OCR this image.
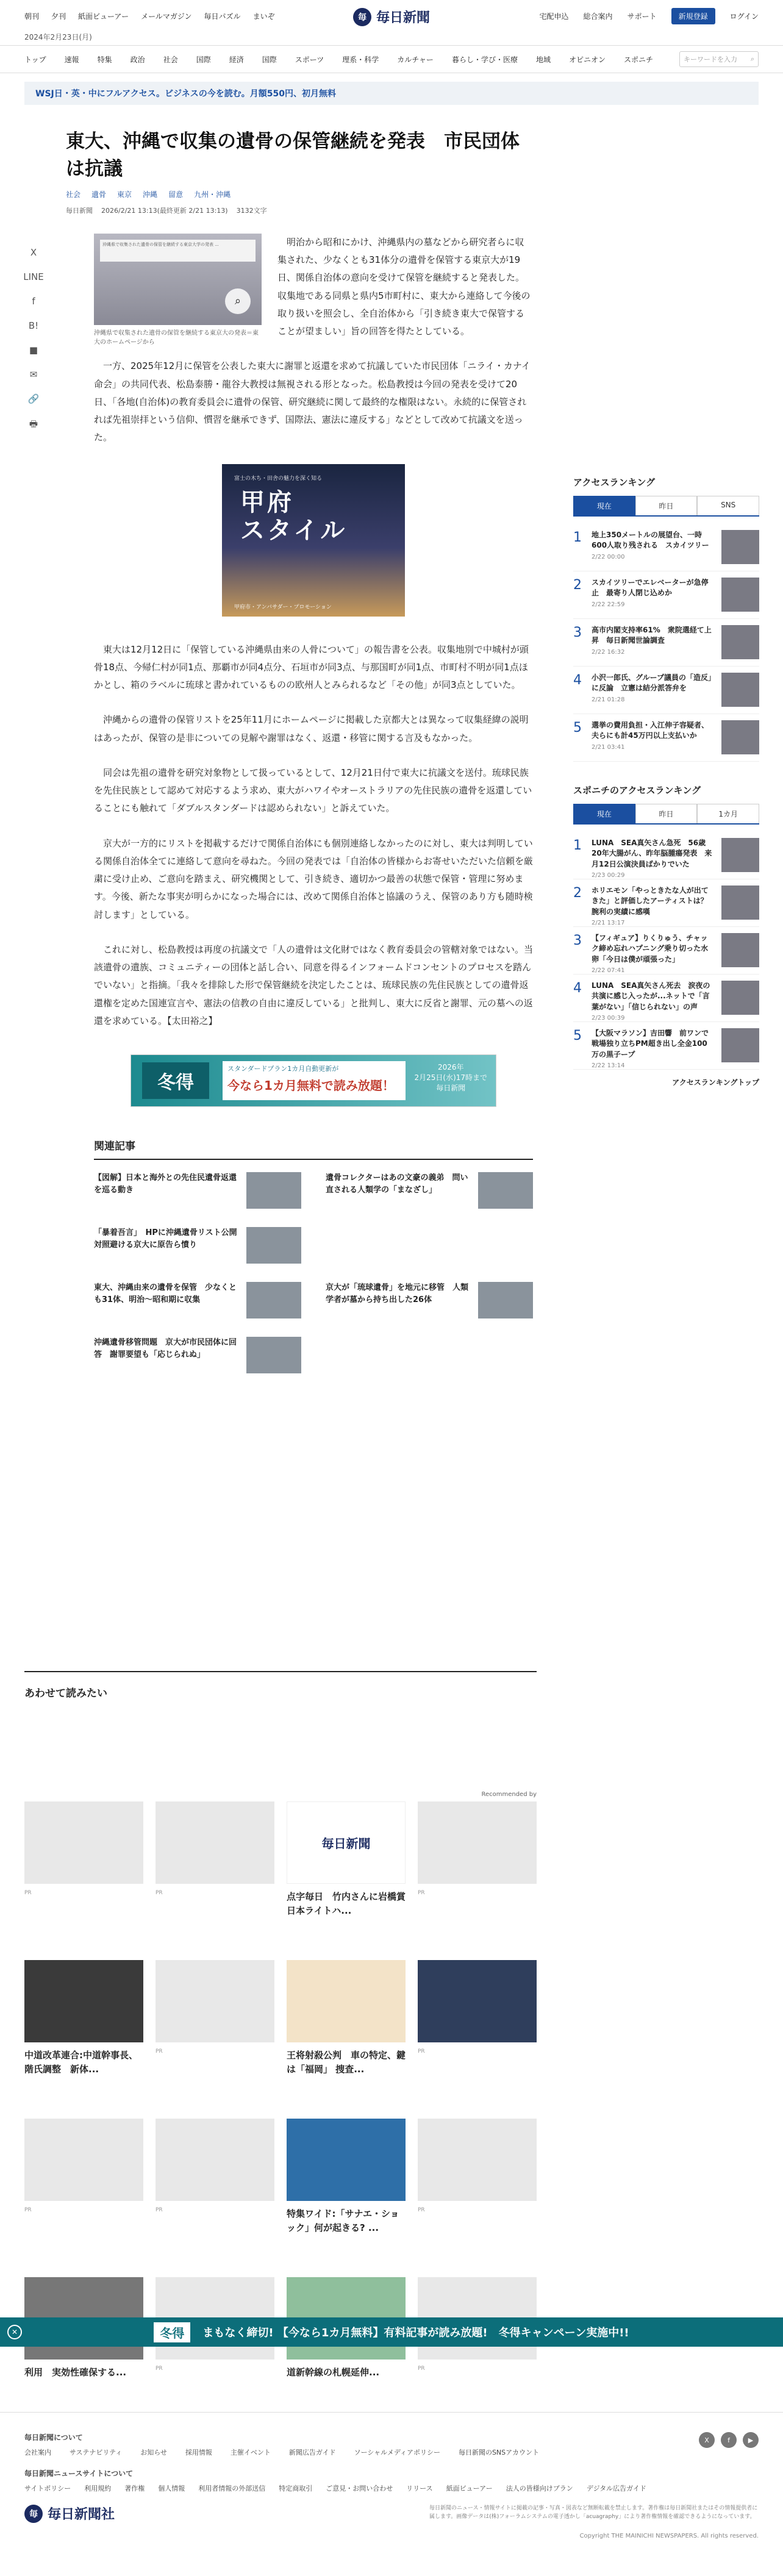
朝刊 夕刊 紙面ビューアー メールマガジン 毎日パズル まいぞ	毎 毎日新聞	宅配申込 総合案内 サポート	新規登録	ログイン
2024年2月23日(月)
トップ	速報	特集	政治	社会	国際	経済	国際	スポーツ	理系・科学	カルチャー	暮らし・学び・医療	地域	オピニオン	スポニチ	キーワードを入力 ⌕
WSJ日・英・中にフルアクセス。ビジネスの今を読む。月額550円、初月無料
東大、沖縄で収集の遺骨の保管継続を発表　市民団体は抗議
社会 遺骨 東京 沖縄 留意 九州・沖縄
毎日新聞 2026/2/21 13:13(最終更新 2/21 13:13) 3132文字
X
LINE
f
B!
■
✉
🔗
🖶
沖縄県で収集された遺骨の保管を継続する東京大学の発表 ...
⌕
沖縄県で収集された遺骨の保管を継続する東京大の発表＝東大のホームページから

明治から昭和にかけ、沖縄県内の墓などから研究者らに収集された、少なくとも31体分の遺骨を保管する東京大が19日、関係自治体の意向を受けて保管を継続すると発表した。収集地である同県と県内5市町村に、東大から連絡して今後の取り扱いを照会し、全自治体から「引き続き東大で保管することが望ましい」旨の回答を得たとしている。

一方、2025年12月に保管を公表した東大に謝罪と返還を求めて抗議していた市民団体「ニライ・カナイ命会」の共同代表、松島泰勝・龍谷大教授は無視される形となった。松島教授は今回の発表を受けて20日、「各地(自治体)の教育委員会に遺骨の保管、研究継続に関して最終的な権限はない。永続的に保管されれば先祖崇拝という信仰、慣習を継承できず、国際法、憲法に違反する」などとして改めて抗議文を送った。

富士の木ち・田舎の魅力を深く知る
甲府
スタイル
甲府市・アンバサダー・プロモーション

東大は12月12日に「保管している沖縄県由来の人骨について」の報告書を公表。収集地別で中城村が頭骨18点、今帰仁村が同1点、那覇市が同4点分、石垣市が同3点、与那国町が同1点、市町村不明が同1点ほかとし、箱のラベルに琉球と書かれているものの欧州人とみられるなど「その他」が同3点としていた。

沖縄からの遺骨の保管リストを25年11月にホームページに掲載した京都大とは異なって収集経緯の説明はあったが、保管の是非についての見解や謝罪はなく、返還・移管に関する言及もなかった。

同会は先祖の遺骨を研究対象物として扱っているとして、12月21日付で東大に抗議文を送付。琉球民族を先住民族として認めて対応するよう求め、東大がハワイやオーストラリアの先住民族の遺骨を返還していることにも触れて「ダブルスタンダードは認められない」と訴えていた。

京大が一方的にリストを掲載するだけで関係自治体にも個別連絡しなかったのに対し、東大は判明している関係自治体全てに連絡して意向を尋ねた。今回の発表では「自治体の皆様からお寄せいただいた信頼を厳粛に受け止め、ご意向を踏まえ、研究機関として、引き続き、適切かつ最善の状態で保管・管理に努めます。今後、新たな事実が明らかになった場合には、改めて関係自治体と協議のうえ、保管のあり方も随時検討します」としている。

これに対し、松島教授は再度の抗議文で「人の遺骨は文化財ではなく教育委員会の管轄対象ではない。当該遺骨の遺族、コミュニティーの団体と話し合い、同意を得るインフォームドコンセントのプロセスを踏んでいない」と指摘。「我々を排除した形で保管継続を決定したことは、琉球民族の先住民族としての遺骨返還権を定めた国連宣言や、憲法の信教の自由に違反している」と批判し、東大に反省と謝罪、元の墓への返還を求めている。【太田裕之】

冬得
スタンダードプラン1カ月自動更新が
今なら1カ月無料で読み放題！
2026年
2月25日(水)17時まで
毎日新聞
関連記事
【図解】日本と海外との先住民遺骨返還を巡る動き
遺骨コレクターはあの文豪の義弟　問い直される人類学の「まなざし」
「暴着吾言」　HPに沖縄遺骨リスト公開　対照避ける京大に原告ら憤り
東大、沖縄由来の遺骨を保管　少なくとも31体、明治～昭和期に収集
京大が「琉球遺骨」を地元に移管　人類学者が墓から持ち出した26体
沖縄遺骨移管問題　京大が市民団体に回答　謝罪要望も「応じられぬ」
アクセスランキング
現在	昨日	SNS
1	地上350メートルの展望台、一時600人取り残される　スカイツリー
2/22 00:00
2	スカイツリーでエレベーターが急停止　最寄り人閉じ込めか
2/22 22:59
3	高市内閣支持率61%　衆院選経て上昇　毎日新聞世論調査
2/22 16:32
4	小沢一郎氏、グループ議員の「造反」に反論　立憲は結分派答弁を
2/21 01:28
5	選挙の費用負担・入江伸子容疑者、夫らにも計45万円以上支払いか
2/21 03:41
スポニチのアクセスランキング
現在	昨日	1カ月
1	LUNA　SEA真矢さん急死　56歳　20年大腸がん、昨年脳腫瘍発表　来月12日公演決員ばかりでいた
2/23 00:29
2	ホリエモン「やっときたな人が出てきた」と評価したアーティストは？腕利の実績に感嘆
2/21 13:17
3	【フィギュア】りくりゅう、チャック締め忘れハプニング乗り切った水卵「今日は僕が頑張った」
2/22 07:41
4	LUNA　SEA真矢さん死去　涙夜の共演に感じ入ったが...ネットで「言葉がない」「信じられない」の声
2/23 00:39
5	【大阪マラソン】吉田響　前ワンで戦場独り立ちPM超き出し全金100万の黒子ープ
2/22 13:14
アクセスランキングトップ
あわせて読みたい
Recommended by
PR	PR
毎日新聞
点字毎日　竹内さんに岩橋賞　日本ライトハ...
PR
中道改革連合:中道幹事長、階氏調整　新体...
PR	王将射殺公判　車の特定、鍵は「福岡」 捜査...
PR
PR	PR	特集ワイド:「サナエ・ショック」何が起きる? ...
PR
利用　実効性確保する...	PR	道新幹線の札幌延伸...	PR
✕	冬得	まもなく締切! 【今なら1カ月無料】有料記事が読み放題!　冬得キャンペーン実施中!!
毎日新聞について
会社案内	サステナビリティ	お知らせ	採用情報	主催イベント	新聞広告ガイド	ソーシャルメディアポリシー	毎日新聞のSNSアカウント
毎日新聞ニュースサイトについて
サイトポリシー 利用規約 著作権 個人情報 利用者情報の外部送信 特定商取引 ご意見・お問い合わせ リリース 紙面ビューアー 法人の皆様向けプラン デジタル広告ガイド
X	f	▶
毎 毎日新聞社	毎日新聞のニュース・情報サイトに掲載の記事・写真・図表など無断転載を禁止します。著作権は毎日新聞社またはその情報提供者に属します。画像データは(株)フォーラムシステムの電子透かし「acuagraphy」により著作権情報を確認できるようになっています。
Copyright THE MAINICHI NEWSPAPERS. All rights reserved.
